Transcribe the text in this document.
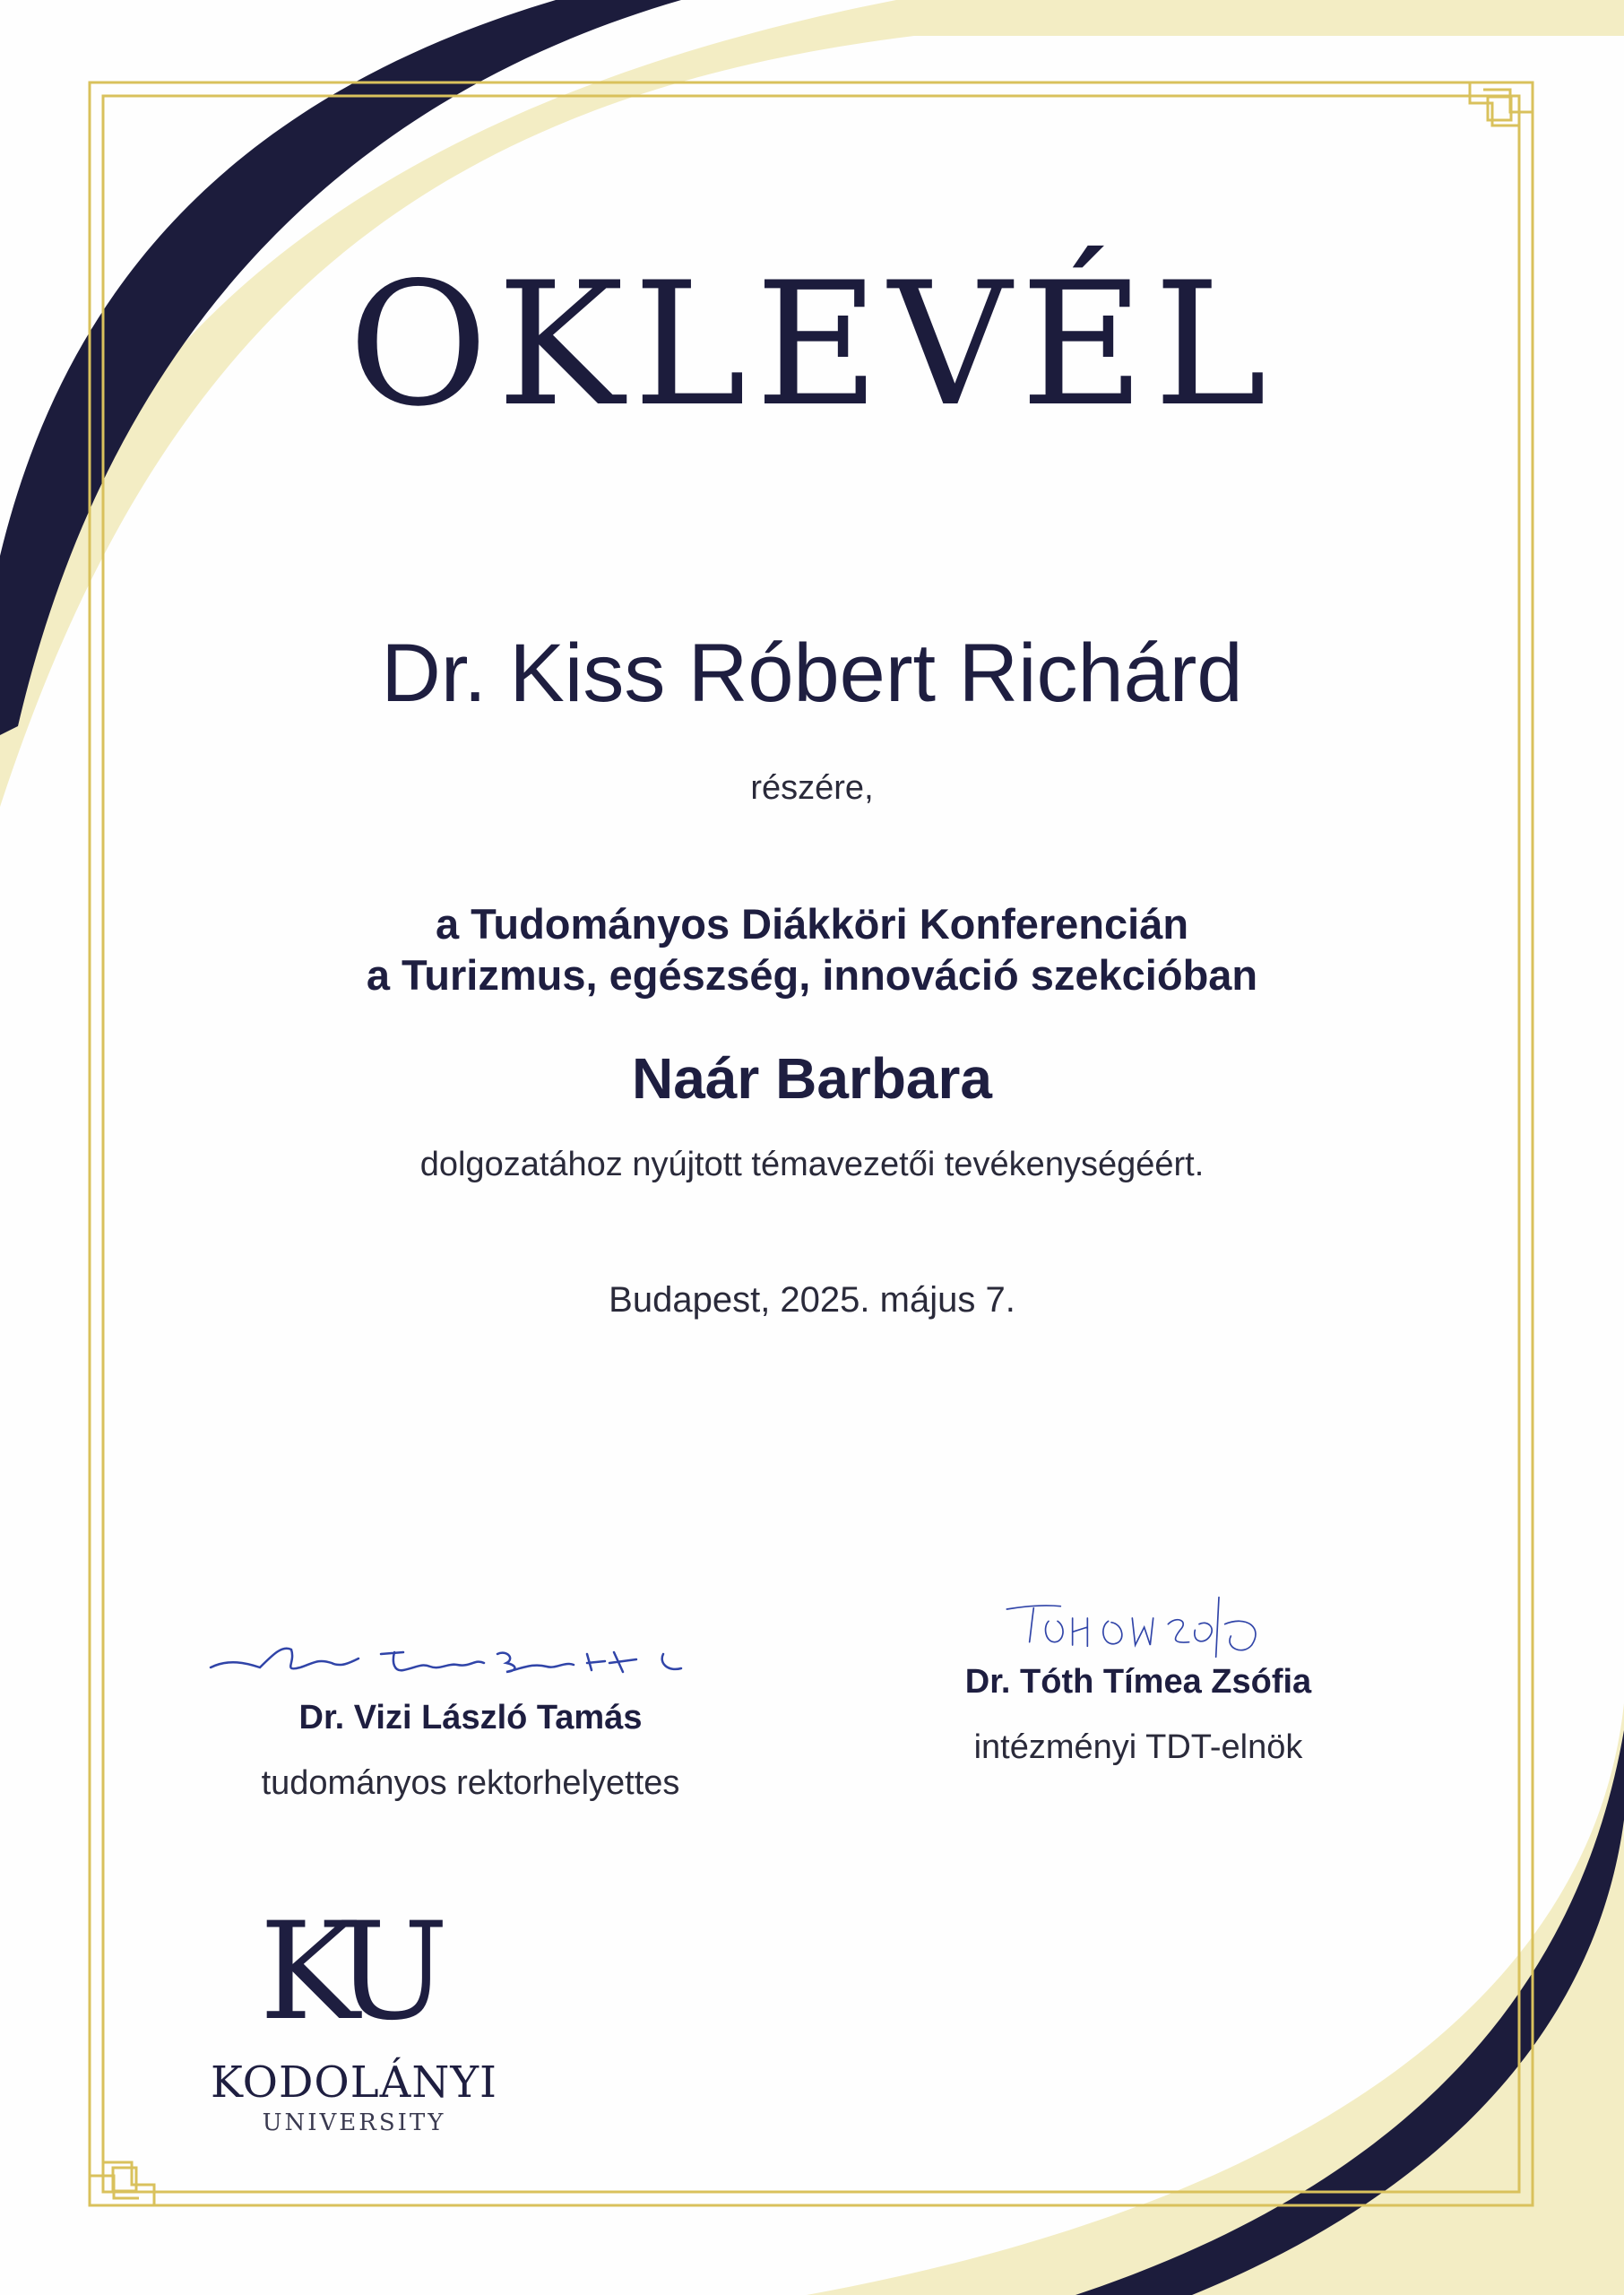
OKLEVÉL
Dr. Kiss Róbert Richárd
részére,
a Tudományos Diákköri Konferencián
a Turizmus, egészség, innováció szekcióban
Naár Barbara
dolgozatához nyújtott témavezetői tevékenységéért.
Budapest, 2025. május 7.
Dr. Vizi László Tamás
tudományos rektorhelyettes
Dr. Tóth Tímea Zsófia
intézményi TDT-elnök
KU
KODOLÁNYI
UNIVERSITY
